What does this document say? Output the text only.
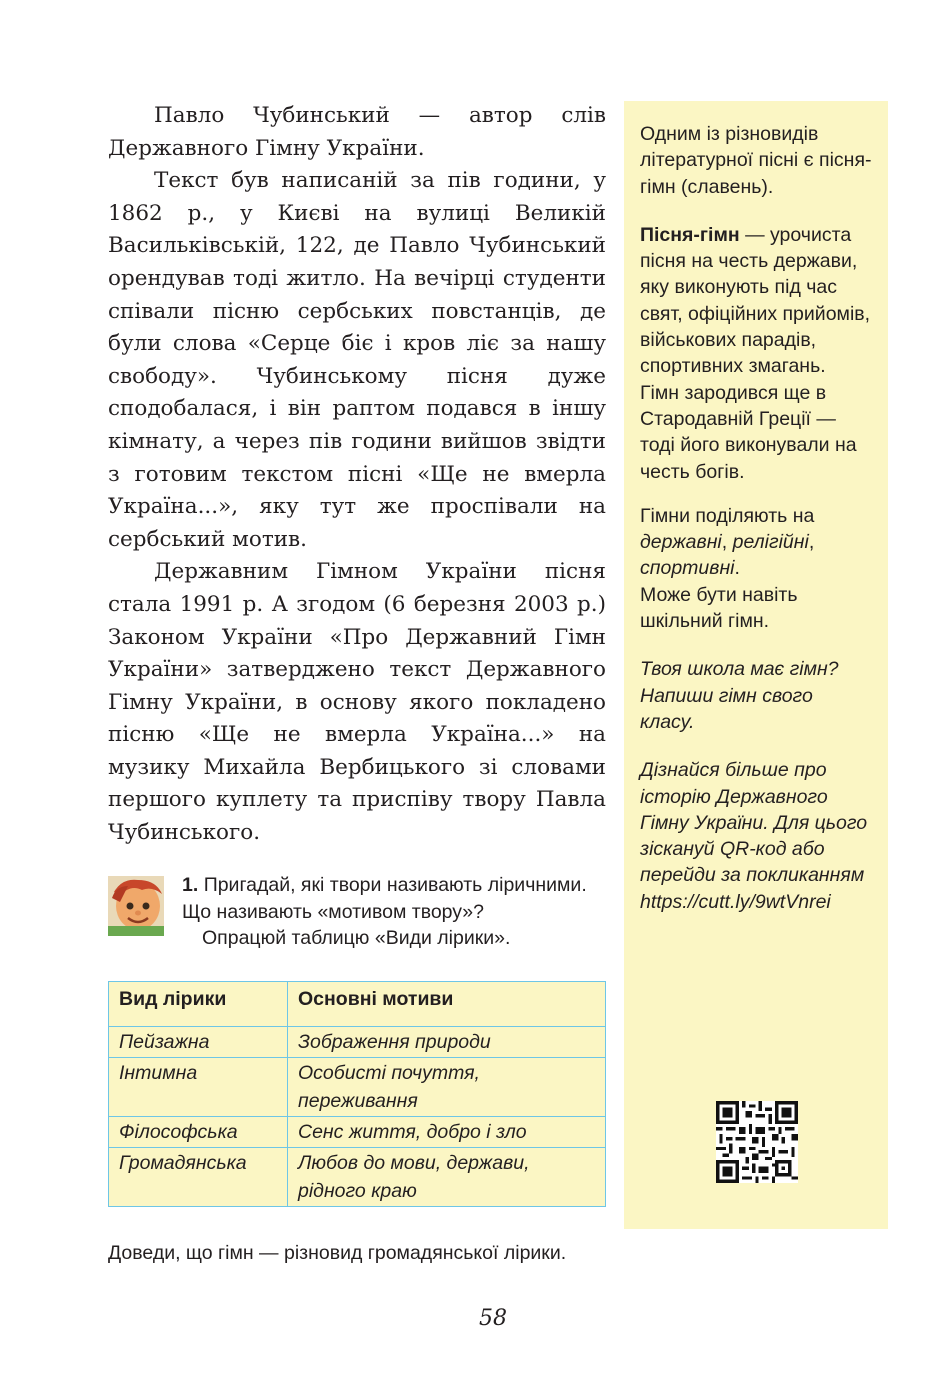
Павло Чубинський — автор слів Державного Гімну України.

Текст був написаній за пів години, у 1862 р., у Києві на вулиці Великій Васильківській, 122, де Павло Чубинський орендував тоді житло. На вечірці студенти співали пісню сербських повстанців, де були слова «Серце біє і кров ліє за нашу свободу». Чубинському пісня дуже сподобалася, і він раптом подався в іншу кімнату, а через пів години вийшов звідти з готовим текстом пісні «Ще не вмерла Україна...», яку тут же проспівали на сербський мотив.

Державним Гімном України пісня стала 1991 р. А згодом (6 березня 2003 р.) Законом України «Про Державний Гімн України» затверджено текст Державного Гімну України, в основу якого покладено пісню «Ще не вмерла Україна...» на музику Михайла Вербицького зі словами першого куплету та приспіву твору Павла Чубинського.

Одним із різновидів літературної пісні є пісня-гімн (славень).

Пісня-гімн — урочиста пісня на честь держави, яку виконують під час свят, офіційних прийомів, військових парадів, спортивних змагань.

Гімн зародився ще в Стародавній Греції — тоді його виконували на честь богів.

Гімни поділяють на державні, релігійні, спортивні.

Може бути навіть шкільний гімн.

Твоя школа має гімн? Напиши гімн свого класу.

Дізнайся більше про історію Державного Гімну України. Для цього зіскануй QR-код або перейди за покликанням https://cutt.ly/9wtVnrei

1. Пригадай, які твори називають ліричними. Що називають «мотивом твору»?
Опрацюй таблицю «Види лірики».
Вид лірики	Основні мотиви
Пейзажна	Зображення природи
Інтимна	Особисті почуття, переживання
Філософська	Сенс життя, добро і зло
Громадянська	Любов до мови, держави, рідного краю
Доведи, що гімн — різновид громадянської лірики.
58
